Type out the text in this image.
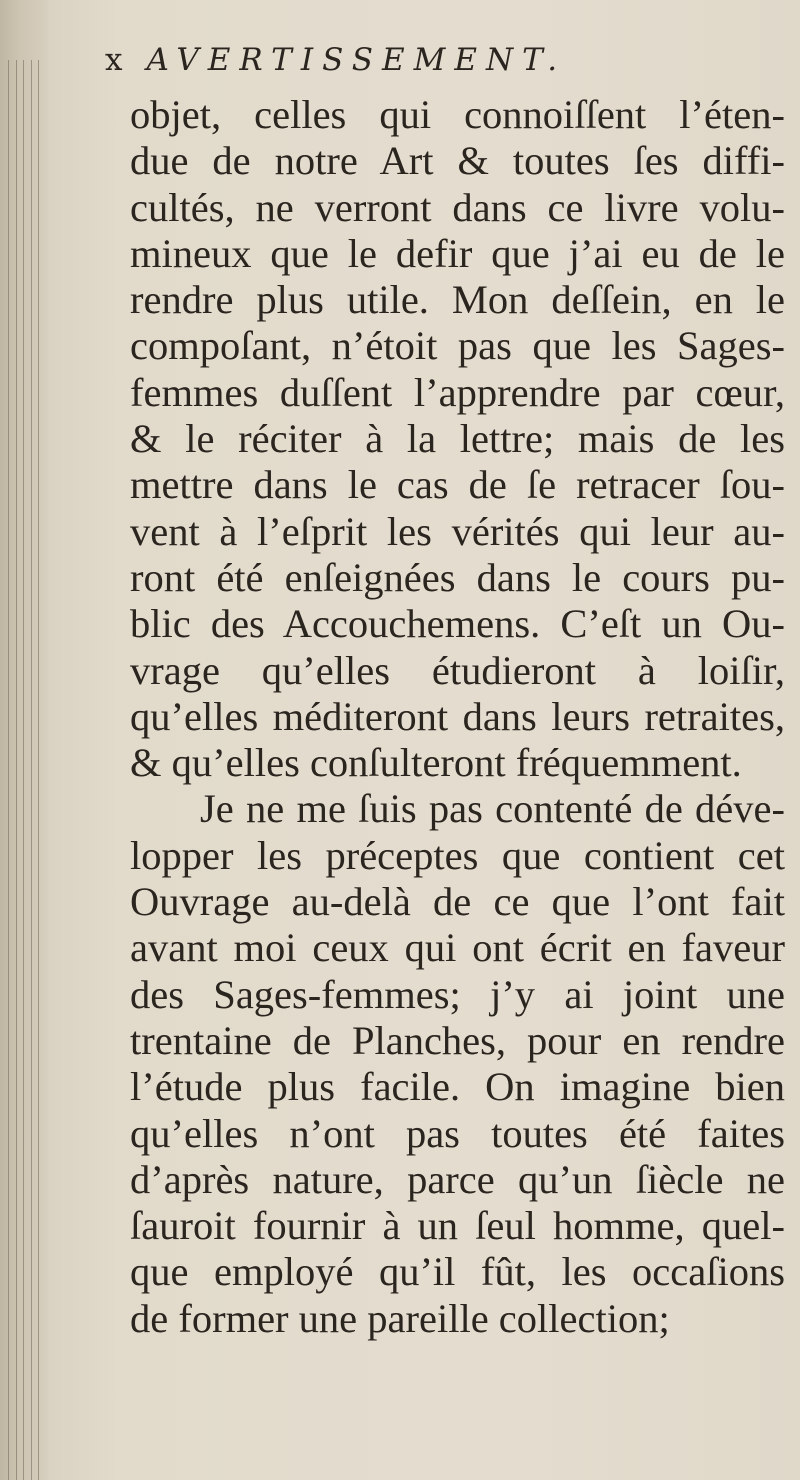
x AVERTISSEMENT.
objet, celles qui connoiſſent l’éten-
due de notre Art & toutes ſes diffi-
cultés, ne verront dans ce livre volu-
mineux que le defir que j’ai eu de le
rendre plus utile. Mon deſſein, en le
compoſant, n’étoit pas que les Sages-
femmes duſſent l’apprendre par cœur,
& le réciter à la lettre; mais de les
mettre dans le cas de ſe retracer ſou-
vent à l’eſprit les vérités qui leur au-
ront été enſeignées dans le cours pu-
blic des Accouchemens. C’eſt un Ou-
vrage qu’elles étudieront à loiſir,
qu’elles méditeront dans leurs retraites,
& qu’elles conſulteront fréquemment.
Je ne me ſuis pas contenté de déve-
lopper les préceptes que contient cet
Ouvrage au-delà de ce que l’ont fait
avant moi ceux qui ont écrit en faveur
des Sages-femmes; j’y ai joint une
trentaine de Planches, pour en rendre
l’étude plus facile. On imagine bien
qu’elles n’ont pas toutes été faites
d’après nature, parce qu’un ſiècle ne
ſauroit fournir à un ſeul homme, quel-
que employé qu’il fût, les occaſions
de former une pareille collection;
